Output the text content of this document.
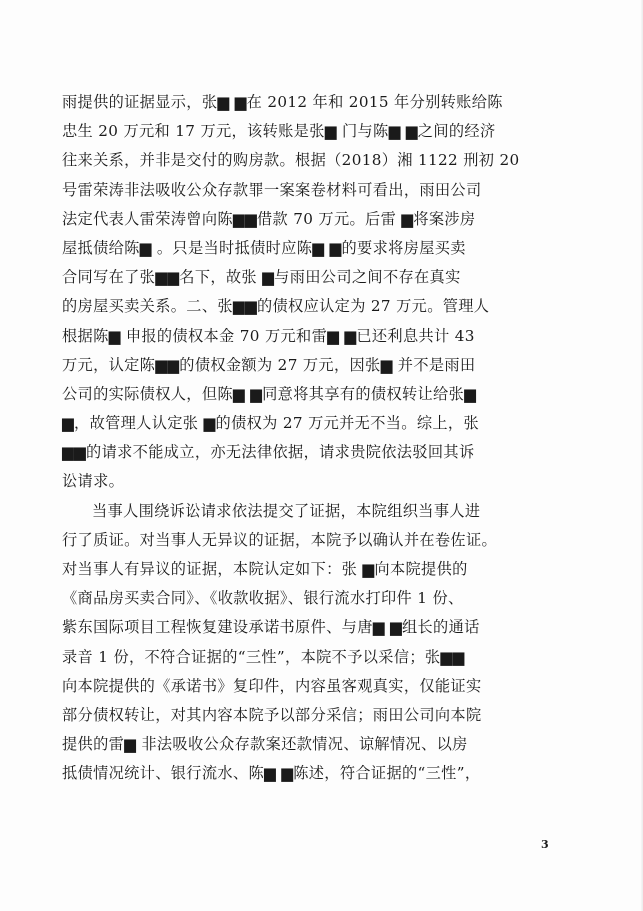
雨提供的证据显示，张▆ ▆在 2012 年和 2015 年分别转账给陈
忠生 20 万元和 17 万元，该转账是张▆ 门与陈▆ ▆之间的经济
往来关系，并非是交付的购房款。根据（2018）湘 1122 刑初 20
号雷荣涛非法吸收公众存款罪一案案卷材料可看出，雨田公司
法定代表人雷荣涛曾向陈▆▆借款 70 万元。后雷 ▆将案涉房
屋抵债给陈▆ 。只是当时抵债时应陈▆ ▆的要求将房屋买卖
合同写在了张▆▆名下，故张 ▆与雨田公司之间不存在真实
的房屋买卖关系。二、张▆▆的债权应认定为 27 万元。管理人
根据陈▆ 申报的债权本金 70 万元和雷▆ ▆已还利息共计 43
万元，认定陈▆▆的债权金额为 27 万元，因张▆ 并不是雨田
公司的实际债权人，但陈▆ ▆同意将其享有的债权转让给张▆
▆，故管理人认定张 ▆的债权为 27 万元并无不当。综上，张
▆▆的请求不能成立，亦无法律依据，请求贵院依法驳回其诉
讼请求。
当事人围绕诉讼请求依法提交了证据，本院组织当事人进
行了质证。对当事人无异议的证据，本院予以确认并在卷佐证。
对当事人有异议的证据，本院认定如下：张 ▆向本院提供的
《商品房买卖合同》、《收款收据》、银行流水打印件 1 份、
紫东国际项目工程恢复建设承诺书原件、与唐▆ ▆组长的通话
录音 1 份，不符合证据的“三性”，本院不予以采信；张▆▆
向本院提供的《承诺书》复印件，内容虽客观真实，仅能证实
部分债权转让，对其内容本院予以部分采信；雨田公司向本院
提供的雷▆ 非法吸收公众存款案还款情况、谅解情况、以房
抵债情况统计、银行流水、陈▆ ▆陈述，符合证据的“三性”，
3
